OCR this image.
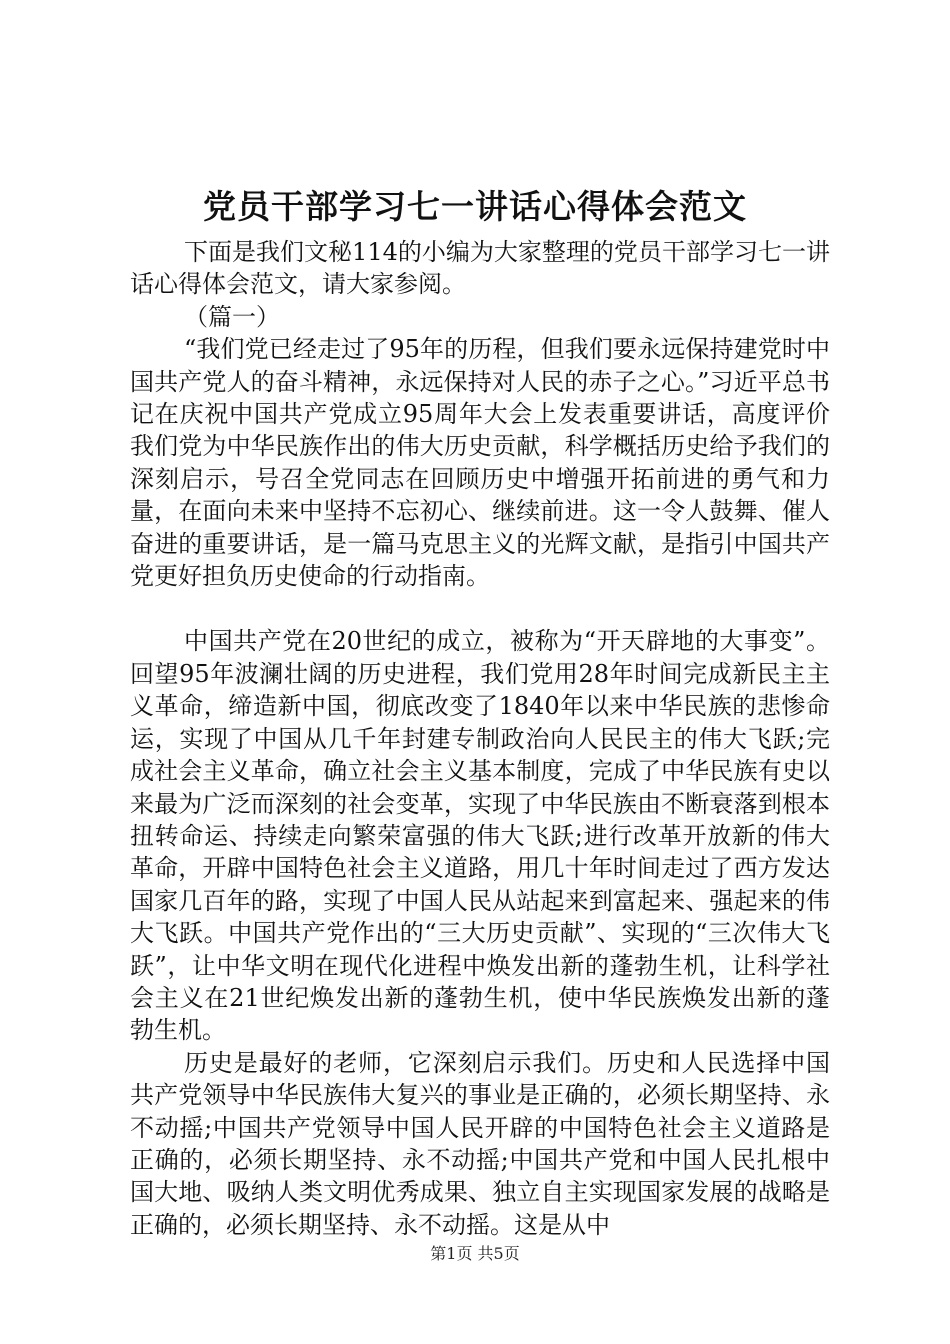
党员干部学习七一讲话心得体会范文

下面是我们文秘114的小编为大家整理的党员干部学习七一讲话心得体会范文，请大家参阅。

（篇一）

“我们党已经走过了95年的历程，但我们要永远保持建党时中国共产党人的奋斗精神，永远保持对人民的赤子之心。”习近平总书记在庆祝中国共产党成立95周年大会上发表重要讲话，高度评价我们党为中华民族作出的伟大历史贡献，科学概括历史给予我们的深刻启示，号召全党同志在回顾历史中增强开拓前进的勇气和力量，在面向未来中坚持不忘初心、继续前进。这一令人鼓舞、催人奋进的重要讲话，是一篇马克思主义的光辉文献，是指引中国共产党更好担负历史使命的行动指南。

中国共产党在20世纪的成立，被称为“开天辟地的大事变”。回望95年波澜壮阔的历史进程，我们党用28年时间完成新民主主义革命，缔造新中国，彻底改变了1840年以来中华民族的悲惨命运，实现了中国从几千年封建专制政治向人民民主的伟大飞跃;完成社会主义革命，确立社会主义基本制度，完成了中华民族有史以来最为广泛而深刻的社会变革，实现了中华民族由不断衰落到根本扭转命运、持续走向繁荣富强的伟大飞跃;进行改革开放新的伟大革命，开辟中国特色社会主义道路，用几十年时间走过了西方发达国家几百年的路，实现了中国人民从站起来到富起来、强起来的伟大飞跃。中国共产党作出的“三大历史贡献”、实现的“三次伟大飞跃”，让中华文明在现代化进程中焕发出新的蓬勃生机，让科学社会主义在21世纪焕发出新的蓬勃生机，使中华民族焕发出新的蓬勃生机。

历史是最好的老师，它深刻启示我们。历史和人民选择中国共产党领导中华民族伟大复兴的事业是正确的，必须长期坚持、永不动摇;中国共产党领导中国人民开辟的中国特色社会主义道路是正确的，必须长期坚持、永不动摇;中国共产党和中国人民扎根中国大地、吸纳人类文明优秀成果、独立自主实现国家发展的战略是正确的，必须长期坚持、永不动摇。这是从中

第1页 共5页
